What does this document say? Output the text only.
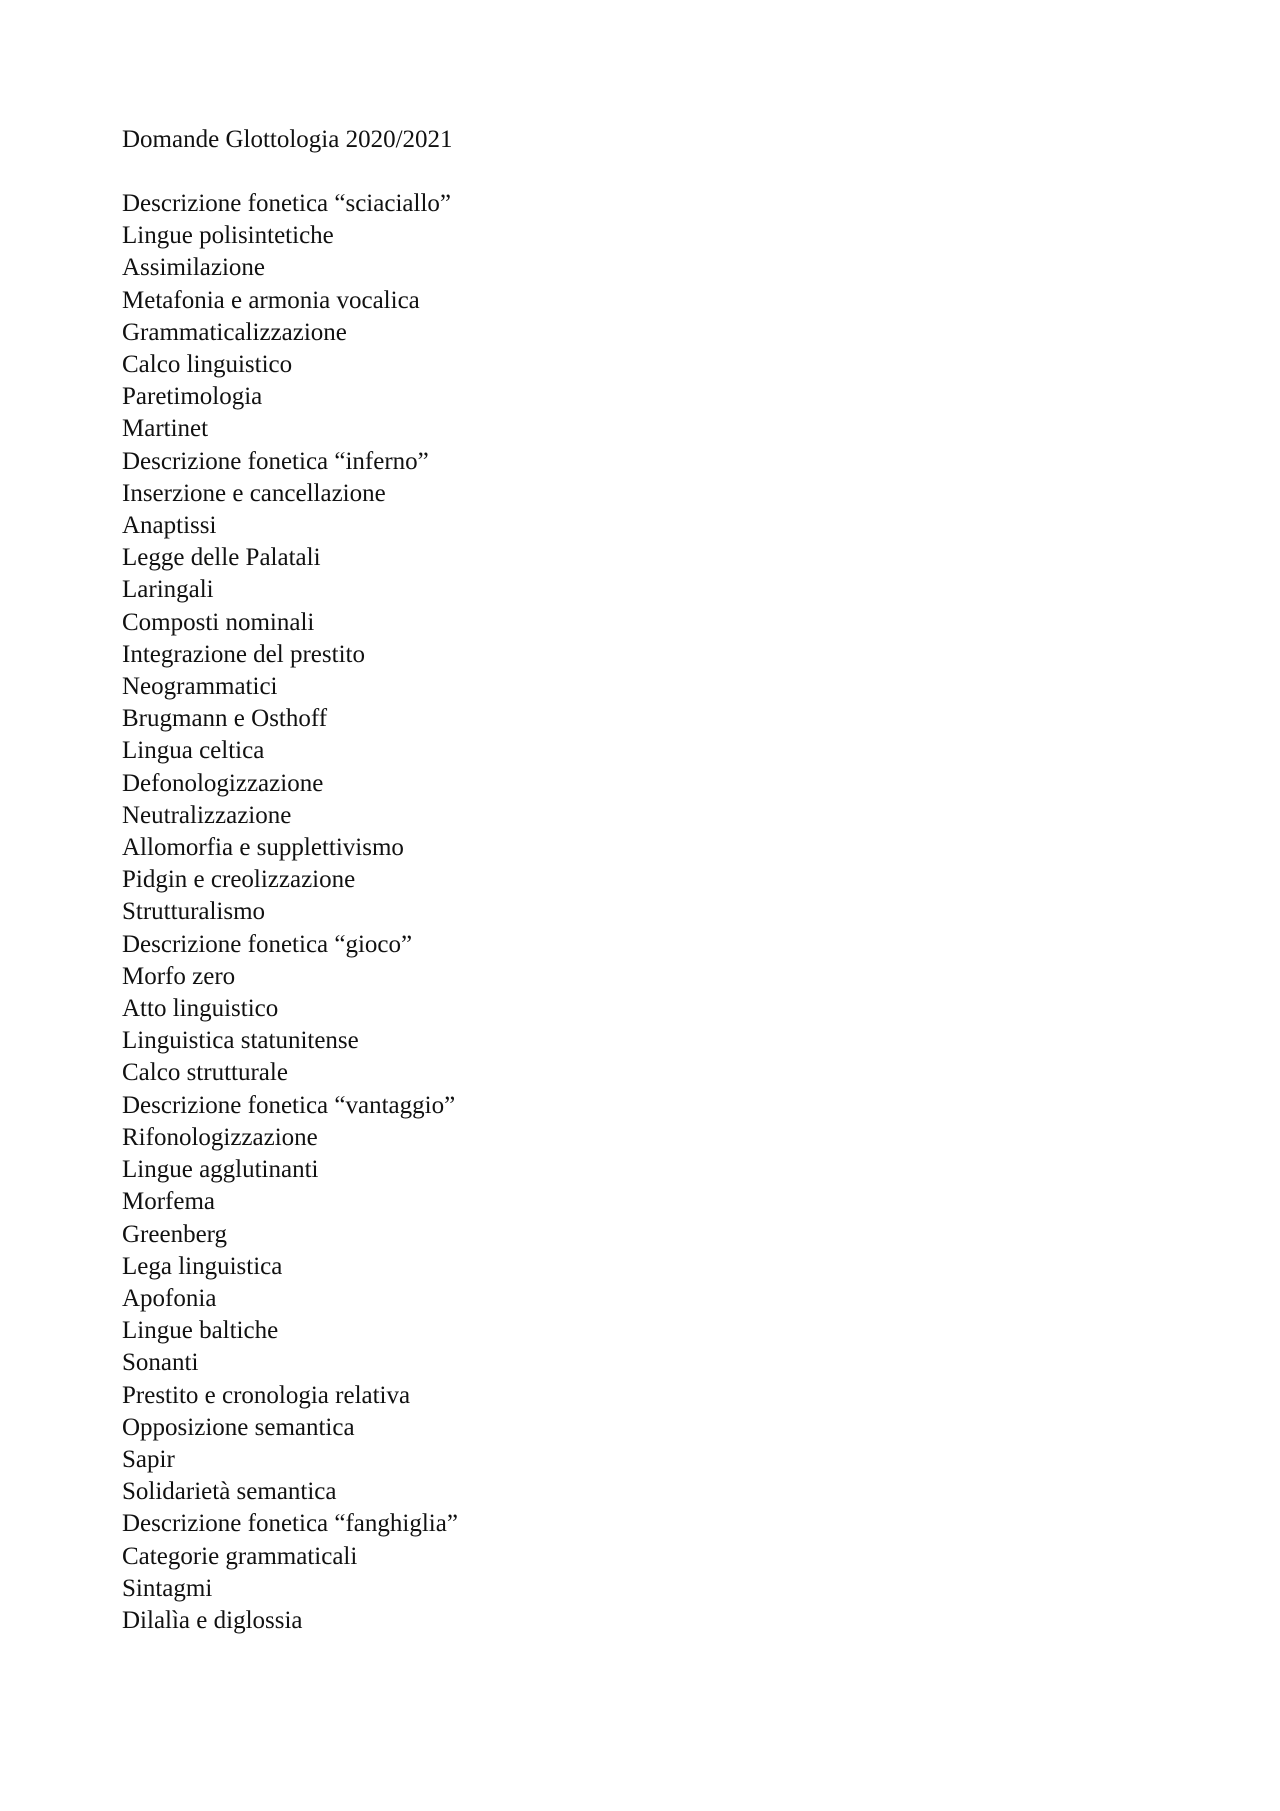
Domande Glottologia 2020/2021
Descrizione fonetica “sciaciallo”
Lingue polisintetiche
Assimilazione
Metafonia e armonia vocalica
Grammaticalizzazione
Calco linguistico
Paretimologia
Martinet
Descrizione fonetica “inferno”
Inserzione e cancellazione
Anaptissi
Legge delle Palatali
Laringali
Composti nominali
Integrazione del prestito
Neogrammatici
Brugmann e Osthoff
Lingua celtica
Defonologizzazione
Neutralizzazione
Allomorfia e supplettivismo
Pidgin e creolizzazione
Strutturalismo
Descrizione fonetica “gioco”
Morfo zero
Atto linguistico
Linguistica statunitense
Calco strutturale
Descrizione fonetica “vantaggio”
Rifonologizzazione
Lingue agglutinanti
Morfema
Greenberg
Lega linguistica
Apofonia
Lingue baltiche
Sonanti
Prestito e cronologia relativa
Opposizione semantica
Sapir
Solidarietà semantica
Descrizione fonetica “fanghiglia”
Categorie grammaticali
Sintagmi
Dilalìa e diglossia
